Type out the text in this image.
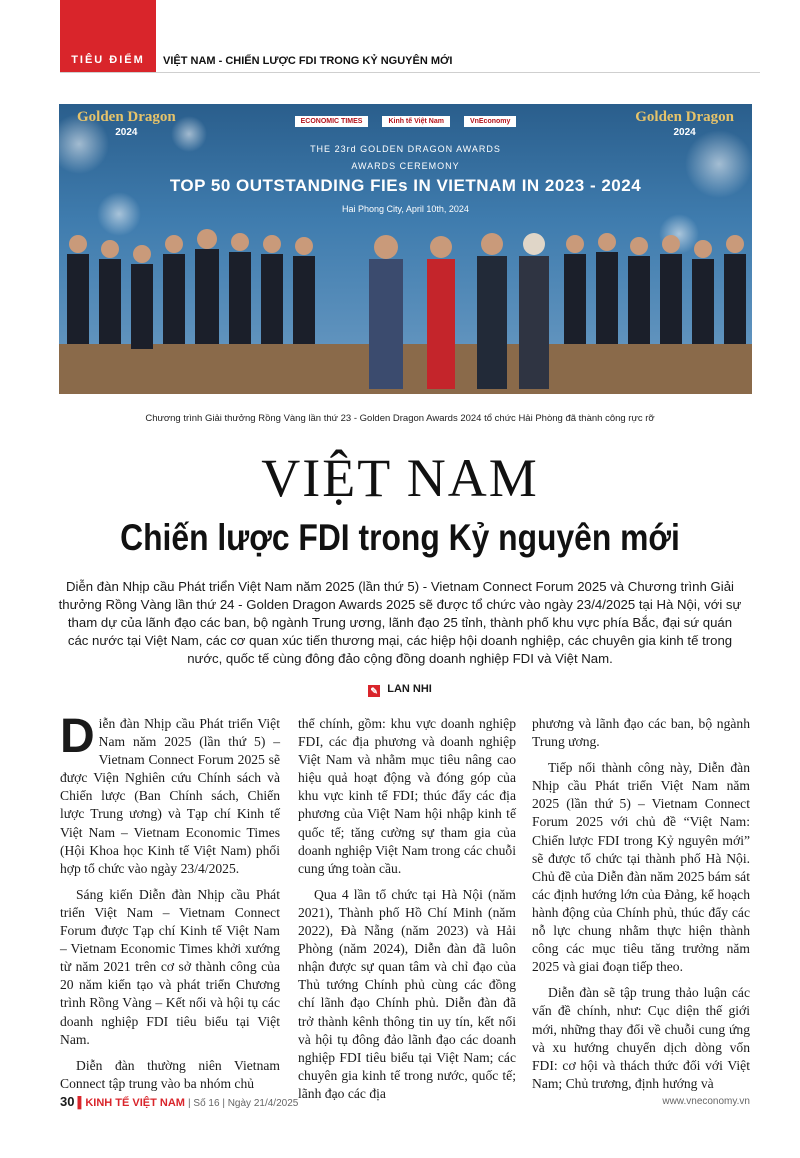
TIÊU ĐIỂM	VIỆT NAM - CHIẾN LƯỢC FDI TRONG KỶ NGUYÊN MỚI
Golden Dragon
2024
Golden Dragon
2024
ECONOMIC TIMES	Kinh tế Việt Nam	VnEconomy
THE 23rd GOLDEN DRAGON AWARDS
AWARDS CEREMONY
TOP 50 OUTSTANDING FIEs IN VIETNAM IN 2023 - 2024
Hai Phong City, April 10th, 2024
Chương trình Giải thưởng Rồng Vàng lần thứ 23 - Golden Dragon Awards 2024 tổ chức Hải Phòng đã thành công rực rỡ
VIỆT NAM
Chiến lược FDI trong Kỷ nguyên mới
Diễn đàn Nhịp cầu Phát triển Việt Nam năm 2025 (lần thứ 5) - Vietnam Connect Forum 2025 và Chương trình Giải thưởng Rồng Vàng lần thứ 24 - Golden Dragon Awards 2025 sẽ được tổ chức vào ngày 23/4/2025 tại Hà Nội, với sự tham dự của lãnh đạo các ban, bộ ngành Trung ương, lãnh đạo 25 tỉnh, thành phố khu vực phía Bắc, đại sứ quán các nước tại Việt Nam, các cơ quan xúc tiến thương mại, các hiệp hội doanh nghiệp, các chuyên gia kinh tế trong nước, quốc tế cùng đông đảo cộng đồng doanh nghiệp FDI và Việt Nam.
✎ LAN NHI

Diễn đàn Nhịp cầu Phát triển Việt Nam năm 2025 (lần thứ 5) – Vietnam Connect Forum 2025 sẽ được Viện Nghiên cứu Chính sách và Chiến lược (Ban Chính sách, Chiến lược Trung ương) và Tạp chí Kinh tế Việt Nam – Vietnam Economic Times (Hội Khoa học Kinh tế Việt Nam) phối hợp tổ chức vào ngày 23/4/2025.

Sáng kiến Diễn đàn Nhịp cầu Phát triển Việt Nam – Vietnam Connect Forum được Tạp chí Kinh tế Việt Nam – Vietnam Economic Times khởi xướng từ năm 2021 trên cơ sở thành công của 20 năm kiến tạo và phát triển Chương trình Rồng Vàng – Kết nối và hội tụ các doanh nghiệp FDI tiêu biểu tại Việt Nam.

Diễn đàn thường niên Vietnam Connect tập trung vào ba nhóm chủ

thể chính, gồm: khu vực doanh nghiệp FDI, các địa phương và doanh nghiệp Việt Nam và nhằm mục tiêu nâng cao hiệu quả hoạt động và đóng góp của khu vực kinh tế FDI; thúc đẩy các địa phương của Việt Nam hội nhập kinh tế quốc tế; tăng cường sự tham gia của doanh nghiệp Việt Nam trong các chuỗi cung ứng toàn cầu.

Qua 4 lần tổ chức tại Hà Nội (năm 2021), Thành phố Hồ Chí Minh (năm 2022), Đà Nẵng (năm 2023) và Hải Phòng (năm 2024), Diễn đàn đã luôn nhận được sự quan tâm và chỉ đạo của Thủ tướng Chính phủ cùng các đồng chí lãnh đạo Chính phủ. Diễn đàn đã trở thành kênh thông tin uy tín, kết nối và hội tụ đông đảo lãnh đạo các doanh nghiệp FDI tiêu biểu tại Việt Nam; các chuyên gia kinh tế trong nước, quốc tế; lãnh đạo các địa

phương và lãnh đạo các ban, bộ ngành Trung ương.

Tiếp nối thành công này, Diễn đàn Nhịp cầu Phát triển Việt Nam năm 2025 (lần thứ 5) – Vietnam Connect Forum 2025 với chủ đề “Việt Nam: Chiến lược FDI trong Kỷ nguyên mới” sẽ được tổ chức tại thành phố Hà Nội. Chủ đề của Diễn đàn năm 2025 bám sát các định hướng lớn của Đảng, kế hoạch hành động của Chính phủ, thúc đẩy các nỗ lực chung nhằm thực hiện thành công các mục tiêu tăng trưởng năm 2025 và giai đoạn tiếp theo.

Diễn đàn sẽ tập trung thảo luận các vấn đề chính, như: Cục diện thế giới mới, những thay đổi về chuỗi cung ứng và xu hướng chuyển dịch dòng vốn FDI: cơ hội và thách thức đối với Việt Nam; Chủ trương, định hướng và

30 ▌KINH TẾ VIỆT NAM | Số 16 | Ngày 21/4/2025	www.vneconomy.vn
